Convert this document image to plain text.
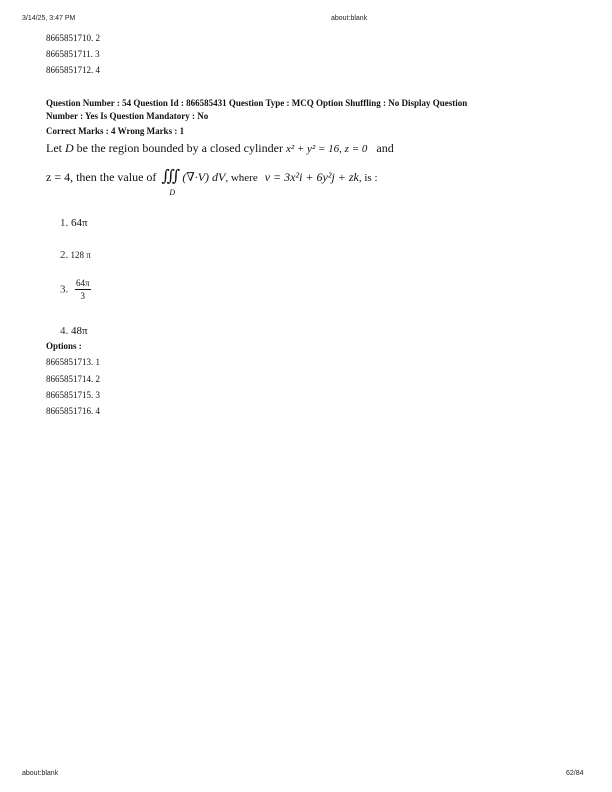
3/14/25, 3:47 PM	about:blank
8665851710. 2
8665851711. 3
8665851712. 4
Question Number : 54 Question Id : 866585431 Question Type : MCQ Option Shuffling : No Display Question
Number : Yes Is Question Mandatory : No
Correct Marks : 4 Wrong Marks : 1
Let D be the region bounded by a closed cylinder x² + y² = 16, z = 0 and
z = 4, then the value of ∭
D
(∇·V) dV, where v = 3x²i + 6y²j + zk, is :
1. 64π
2. 128 π
3. $\frac{64\pi}{3}$
4. 48π
Options :
8665851713. 1
8665851714. 2
8665851715. 3
8665851716. 4
about:blank	62/84
